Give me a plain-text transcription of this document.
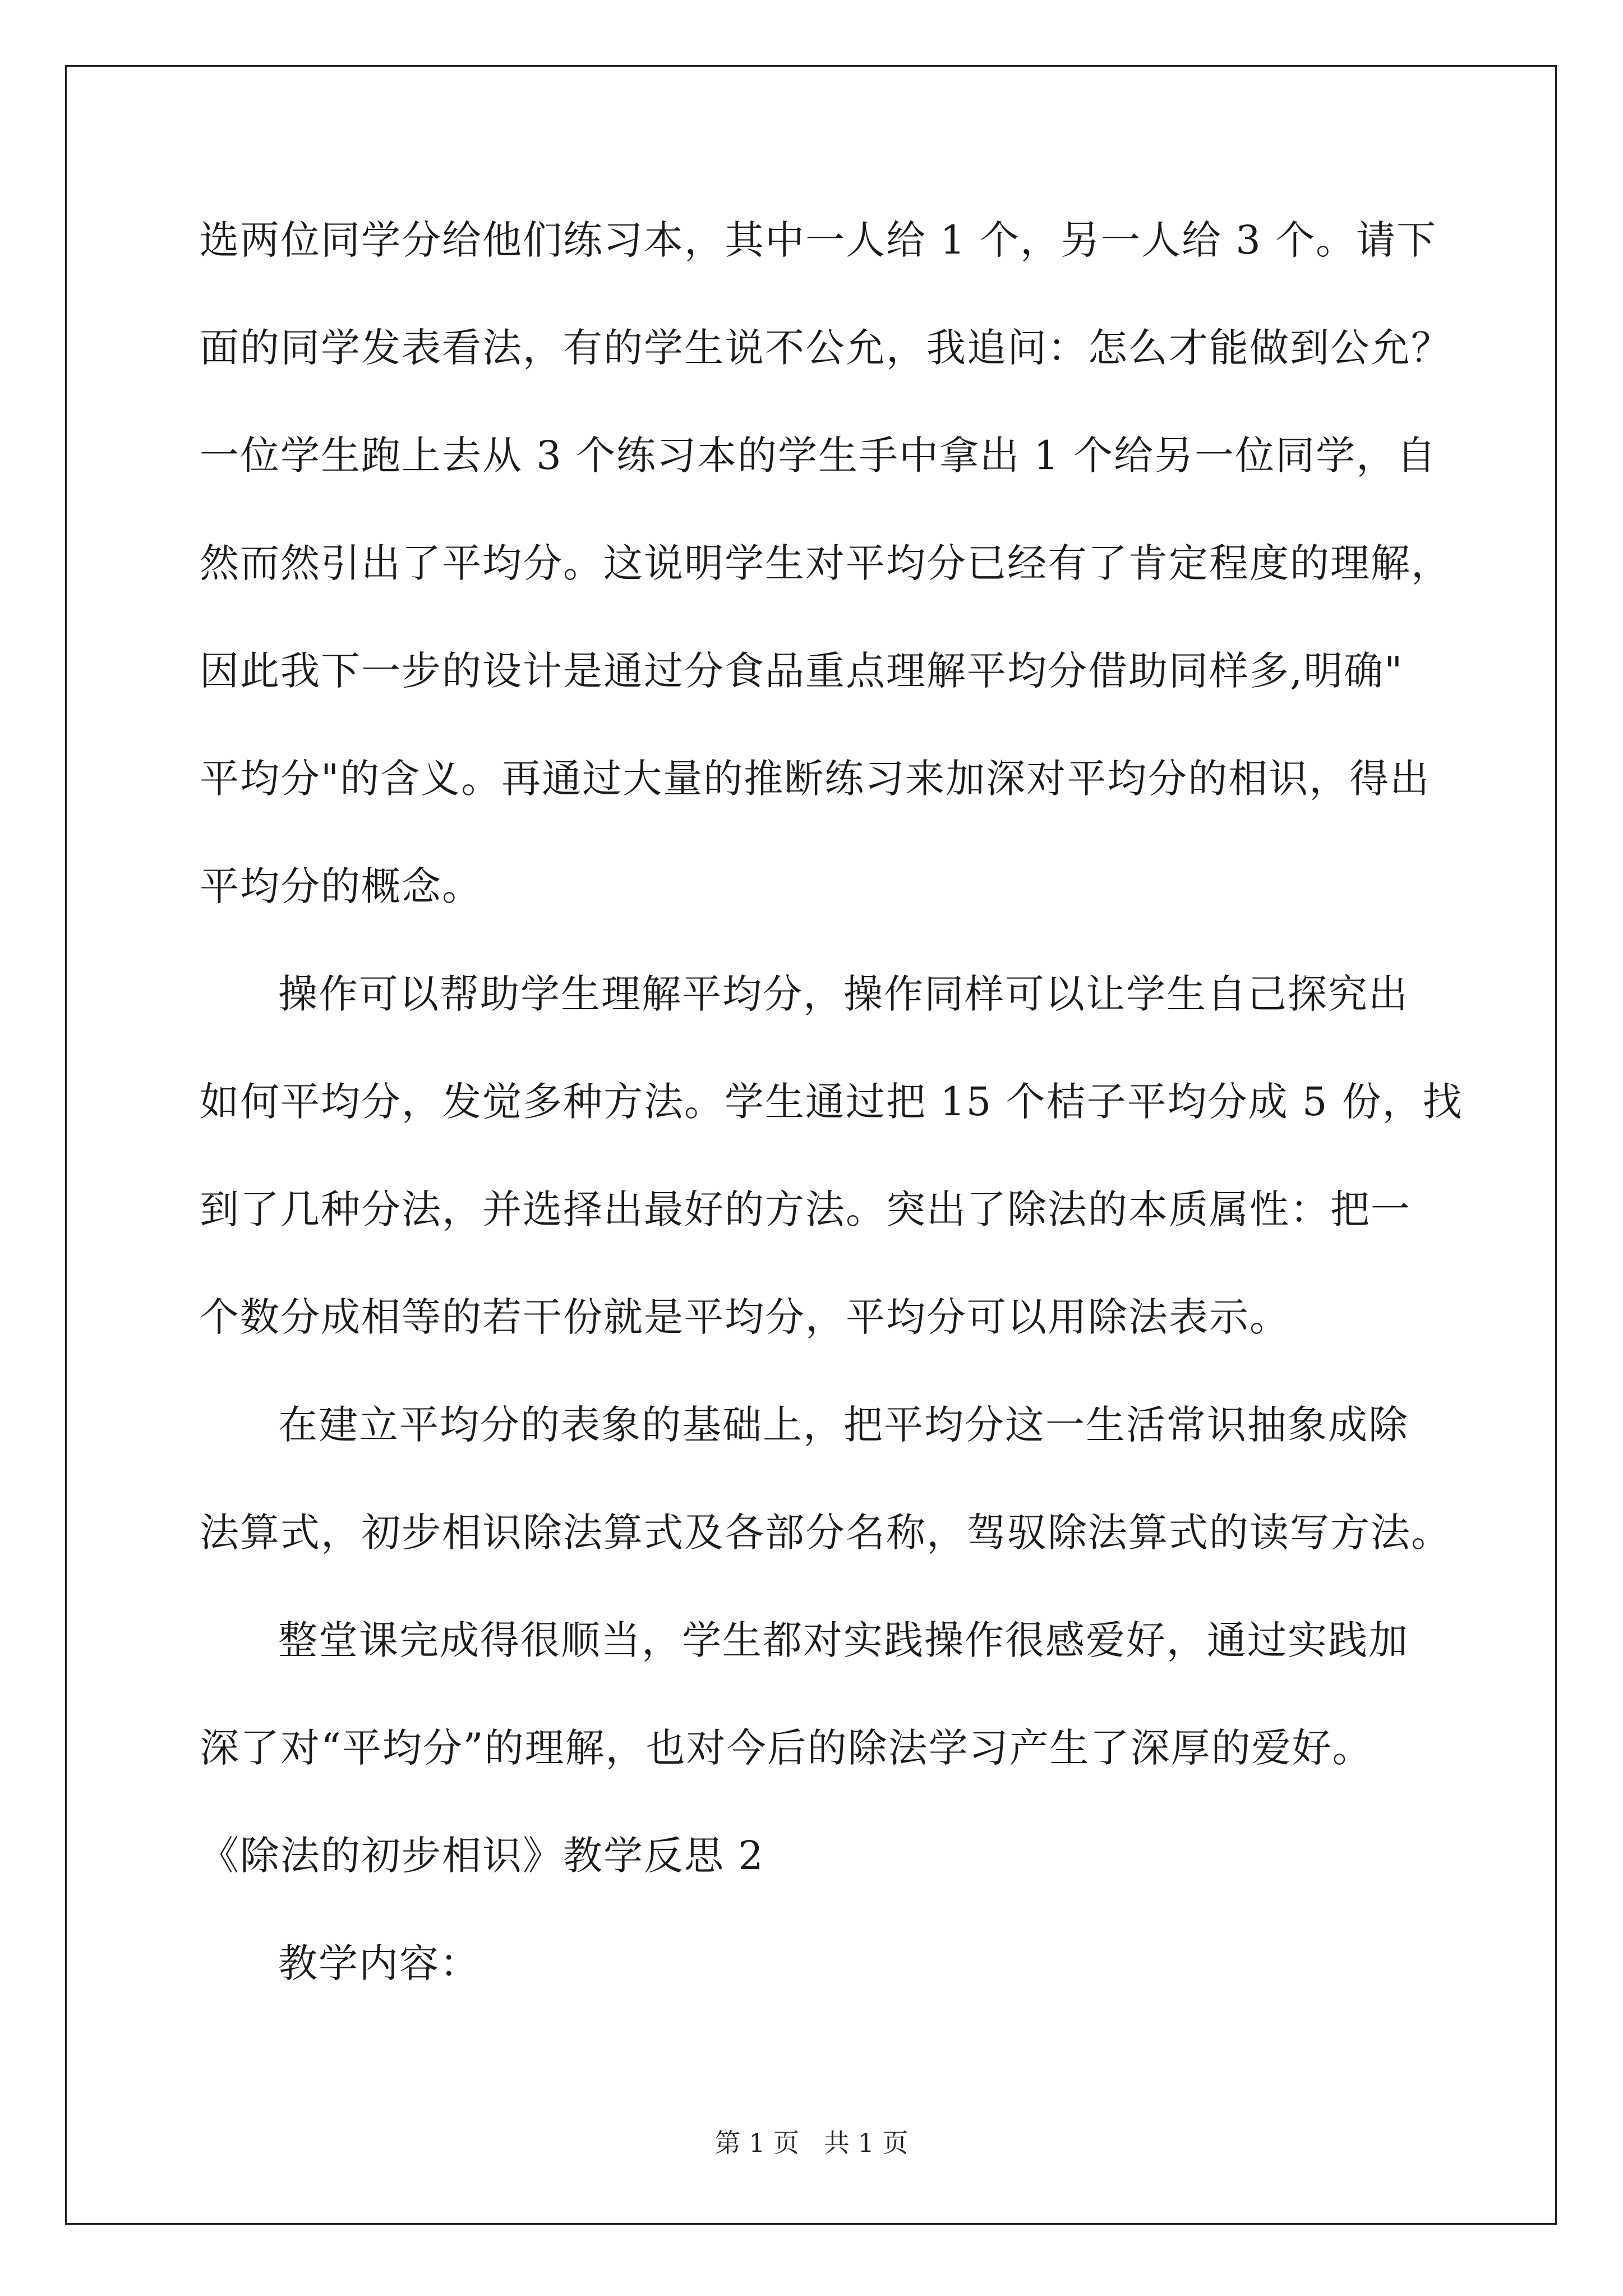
选两位同学分给他们练习本，其中一人给 1 个，另一人给 3 个。请下
面的同学发表看法，有的学生说不公允，我追问：怎么才能做到公允？
一位学生跑上去从 3 个练习本的学生手中拿出 1 个给另一位同学，自
然而然引出了平均分。这说明学生对平均分已经有了肯定程度的理解，
因此我下一步的设计是通过分食品重点理解平均分借助同样多,明确"
平均分"的含义。再通过大量的推断练习来加深对平均分的相识，得出
平均分的概念。
操作可以帮助学生理解平均分，操作同样可以让学生自己探究出
如何平均分，发觉多种方法。学生通过把 15 个桔子平均分成 5 份，找
到了几种分法，并选择出最好的方法。突出了除法的本质属性：把一
个数分成相等的若干份就是平均分，平均分可以用除法表示。
在建立平均分的表象的基础上，把平均分这一生活常识抽象成除
法算式，初步相识除法算式及各部分名称，驾驭除法算式的读写方法。
整堂课完成得很顺当，学生都对实践操作很感爱好，通过实践加
深了对“平均分”的理解，也对今后的除法学习产生了深厚的爱好。
《除法的初步相识》教学反思 2
教学内容：
第 1 页   共 1 页
